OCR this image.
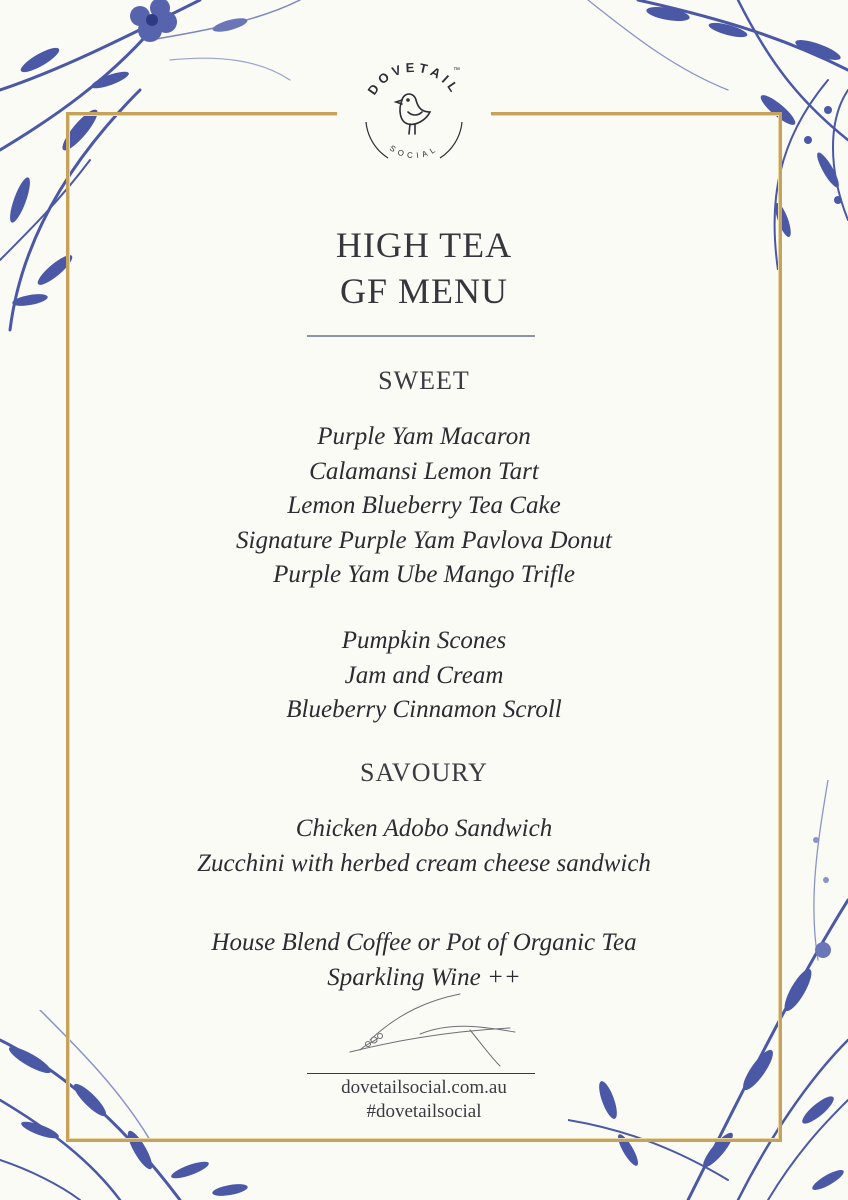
DOVETAIL
™
SOCIAL
HIGH TEA
GF MENU
SWEET
Purple Yam Macaron
Calamansi Lemon Tart
Lemon Blueberry Tea Cake
Signature Purple Yam Pavlova Donut
Purple Yam Ube Mango Trifle
Pumpkin Scones
Jam and Cream
Blueberry Cinnamon Scroll
SAVOURY
Chicken Adobo Sandwich
Zucchini with herbed cream cheese sandwich
House Blend Coffee or Pot of Organic Tea
Sparkling Wine ++
dovetailsocial.com.au
#dovetailsocial
